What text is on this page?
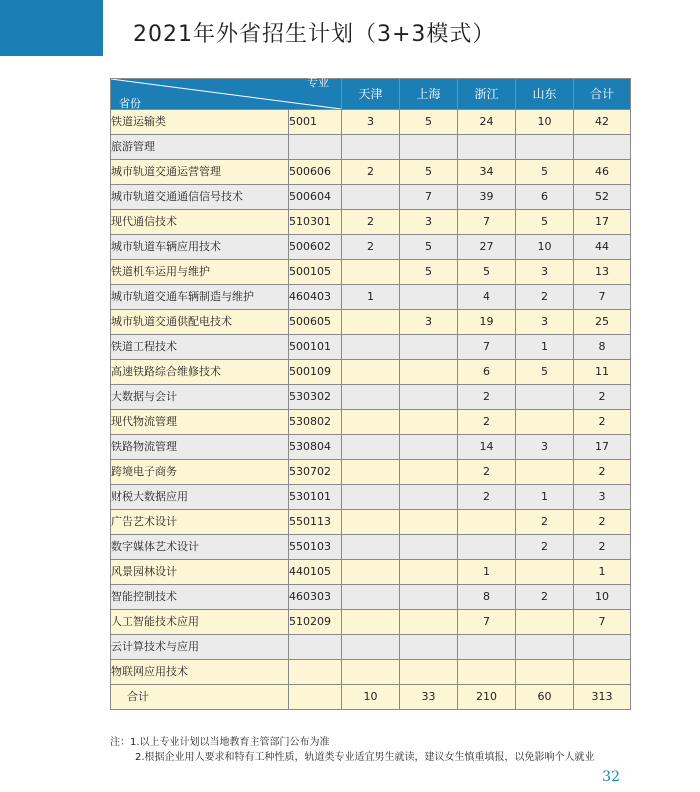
2021年外省招生计划（3+3模式）
专业
省份		天津	上海	浙江	山东	合计
铁道运输类	5001	3	5	24	10	42
旅游管理						
城市轨道交通运营管理	500606	2	5	34	5	46
城市轨道交通通信信号技术	500604		7	39	6	52
现代通信技术	510301	2	3	7	5	17
城市轨道车辆应用技术	500602	2	5	27	10	44
铁道机车运用与维护	500105		5	5	3	13
城市轨道交通车辆制造与维护	460403	1		4	2	7
城市轨道交通供配电技术	500605		3	19	3	25
铁道工程技术	500101			7	1	8
高速铁路综合维修技术	500109			6	5	11
大数据与会计	530302			2		2
现代物流管理	530802			2		2
铁路物流管理	530804			14	3	17
跨境电子商务	530702			2		2
财税大数据应用	530101			2	1	3
广告艺术设计	550113				2	2
数字媒体艺术设计	550103				2	2
风景园林设计	440105			1		1
智能控制技术	460303			8	2	10
人工智能技术应用	510209			7		7
云计算技术与应用						
物联网应用技术						
合计		10	33	210	60	313
注：1.以上专业计划以当地教育主管部门公布为准
2.根据企业用人要求和特有工种性质，轨道类专业适宜男生就读，建议女生慎重填报，以免影响个人就业
32
